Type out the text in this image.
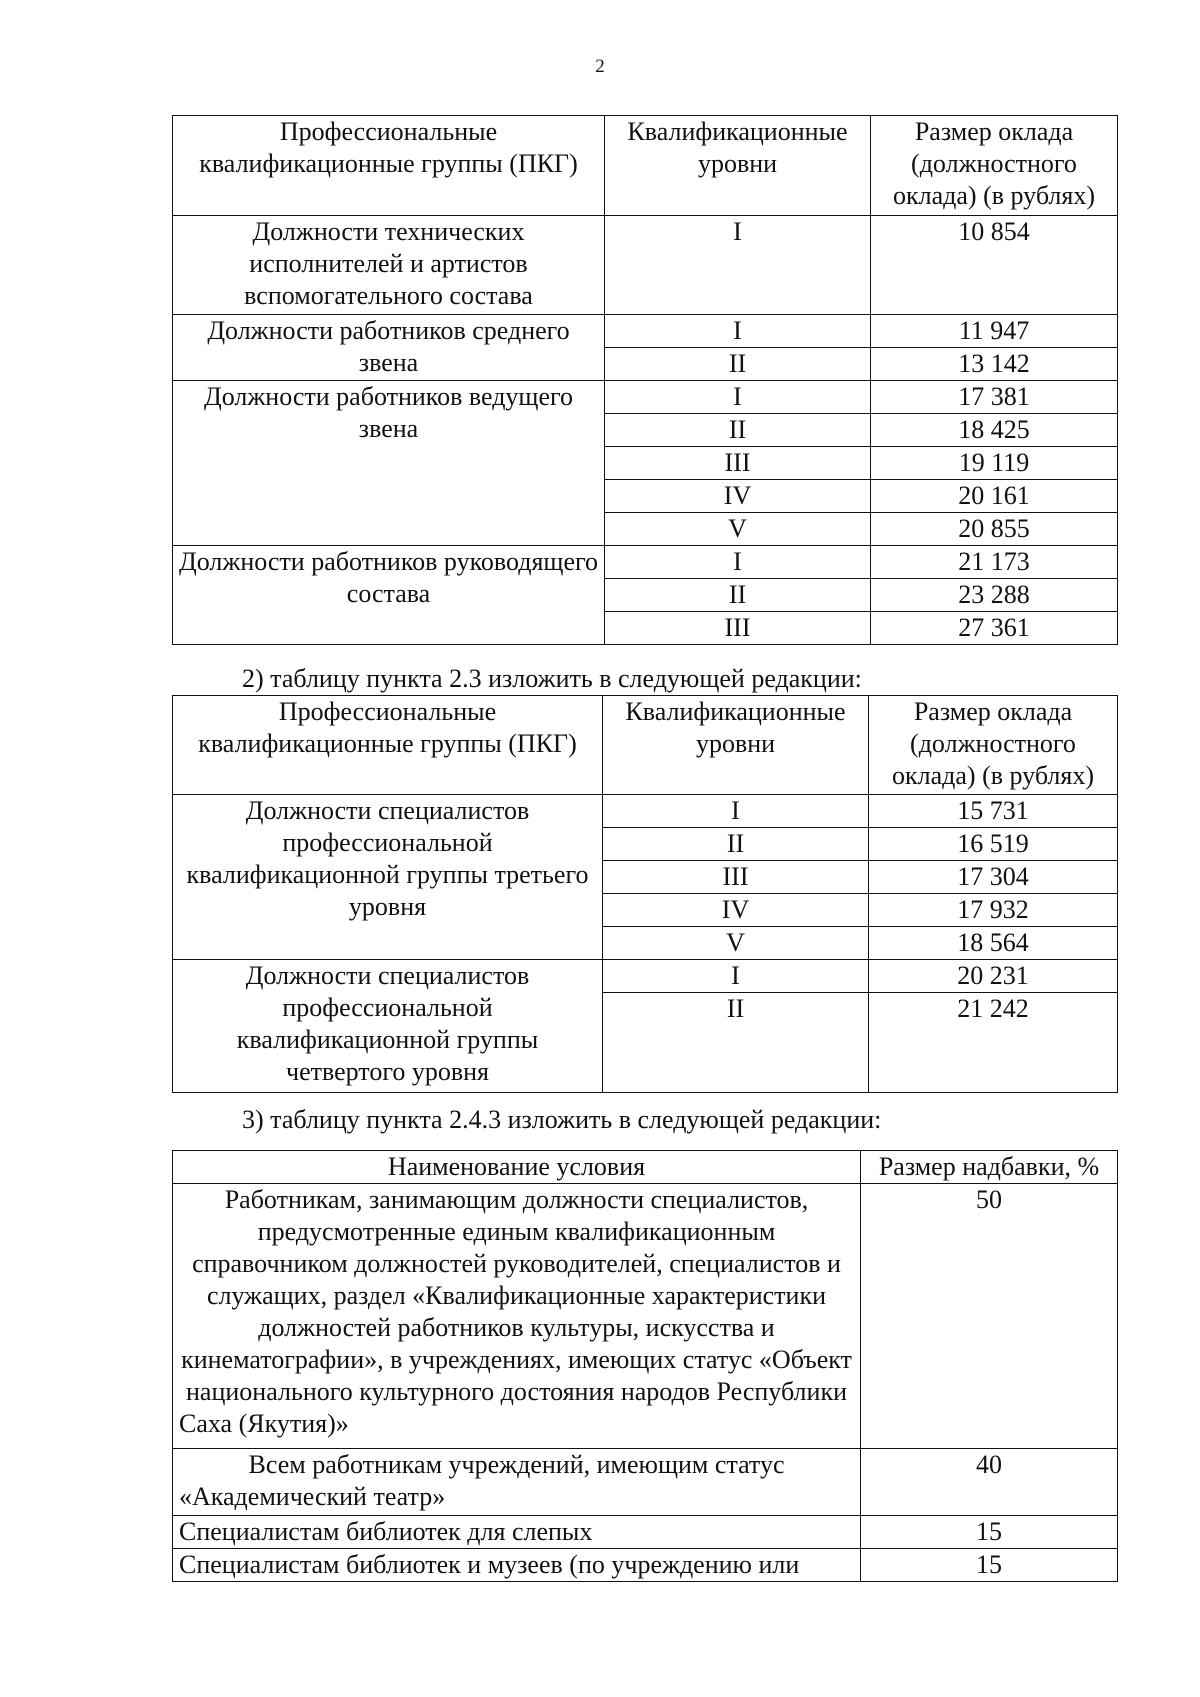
2
Профессиональные квалификационные группы (ПКГ)	Квалификационные уровни	Размер оклада (должностного оклада) (в рублях)
Должности технических исполнителей и артистов вспомогательного состава	I	10 854
Должности работников среднего звена	I	11 947
	II	13 142
Должности работников ведущего звена	I	17 381
	II	18 425
	III	19 119
	IV	20 161
	V	20 855
Должности работников руководящего состава	I	21 173
	II	23 288
	III	27 361
2) таблицу пункта 2.3 изложить в следующей редакции:
Профессиональные квалификационные группы (ПКГ)	Квалификационные уровни	Размер оклада (должностного оклада) (в рублях)
Должности специалистов профессиональной квалификационной группы третьего уровня	I	15 731
	II	16 519
	III	17 304
	IV	17 932
	V	18 564
Должности специалистов профессиональной квалификационной группы четвертого уровня	I	20 231
	II	21 242
3) таблицу пункта 2.4.3 изложить в следующей редакции:
Наименование условия	Размер надбавки, %
Работникам, занимающим должности специалистов, предусмотренные единым квалификационным справочником должностей руководителей, специалистов и служащих, раздел «Квалификационные характеристики должностей работников культуры, искусства и кинематографии», в учреждениях, имеющих статус «Объект национального культурного достояния народов Республики Саха (Якутия)»	50
Всем работникам учреждений, имеющим статус «Академический театр»	40
Специалистам библиотек для слепых	15
Специалистам библиотек и музеев (по учреждению или	15
